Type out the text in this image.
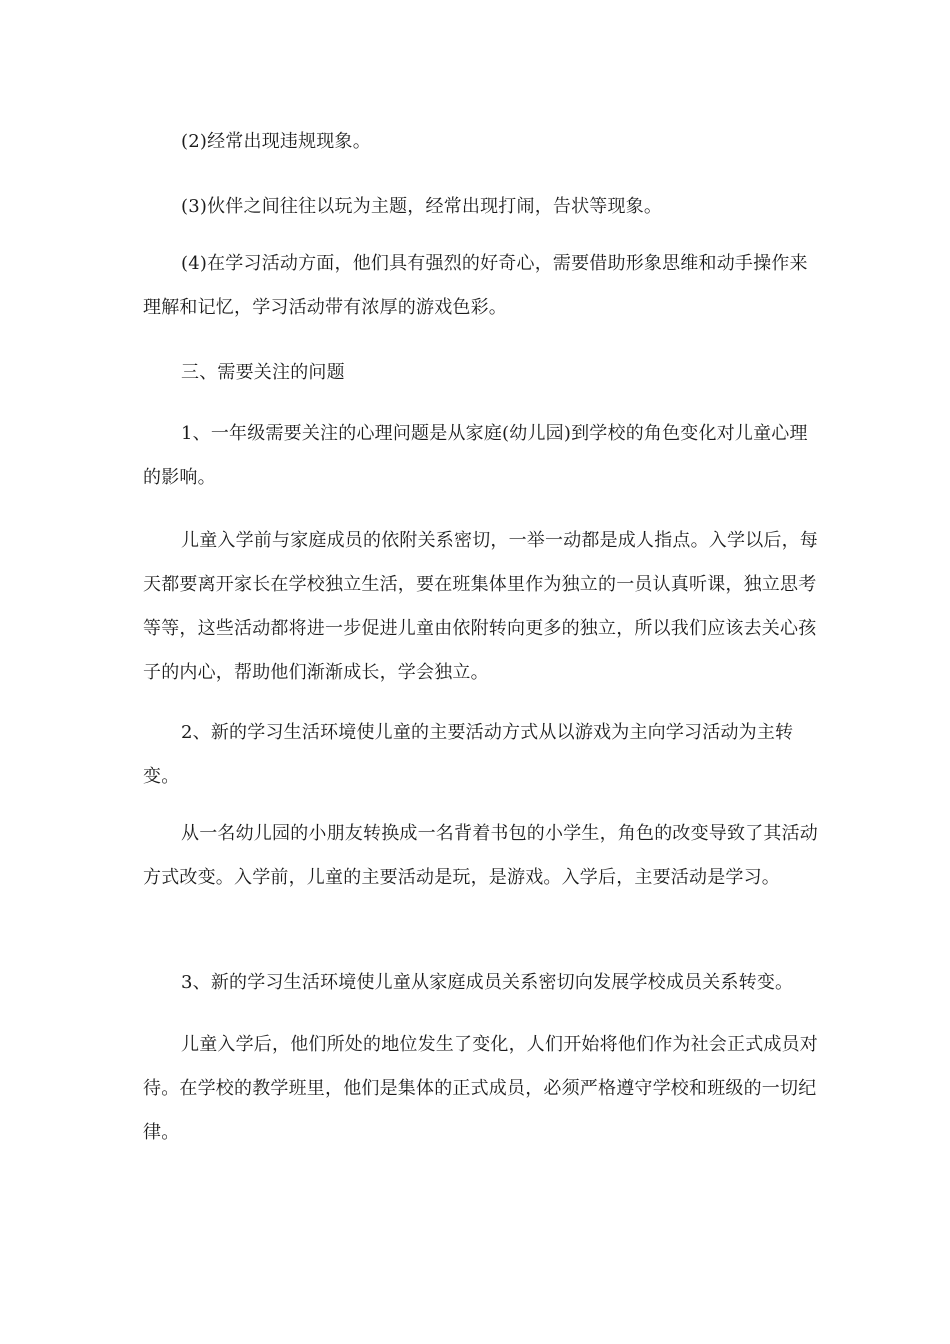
(2)经常出现违规现象。

(3)伙伴之间往往以玩为主题，经常出现打闹，告状等现象。

(4)在学习活动方面，他们具有强烈的好奇心，需要借助形象思维和动手操作来理解和记忆，学习活动带有浓厚的游戏色彩。

三、需要关注的问题

1、一年级需要关注的心理问题是从家庭(幼儿园)到学校的角色变化对儿童心理的影响。

儿童入学前与家庭成员的依附关系密切，一举一动都是成人指点。入学以后，每天都要离开家长在学校独立生活，要在班集体里作为独立的一员认真听课，独立思考等等，这些活动都将进一步促进儿童由依附转向更多的独立，所以我们应该去关心孩子的内心，帮助他们渐渐成长，学会独立。

2、新的学习生活环境使儿童的主要活动方式从以游戏为主向学习活动为主转变。

从一名幼儿园的小朋友转换成一名背着书包的小学生，角色的改变导致了其活动方式改变。入学前，儿童的主要活动是玩，是游戏。入学后，主要活动是学习。

3、新的学习生活环境使儿童从家庭成员关系密切向发展学校成员关系转变。

儿童入学后，他们所处的地位发生了变化，人们开始将他们作为社会正式成员对待。在学校的教学班里，他们是集体的正式成员，必须严格遵守学校和班级的一切纪律。
